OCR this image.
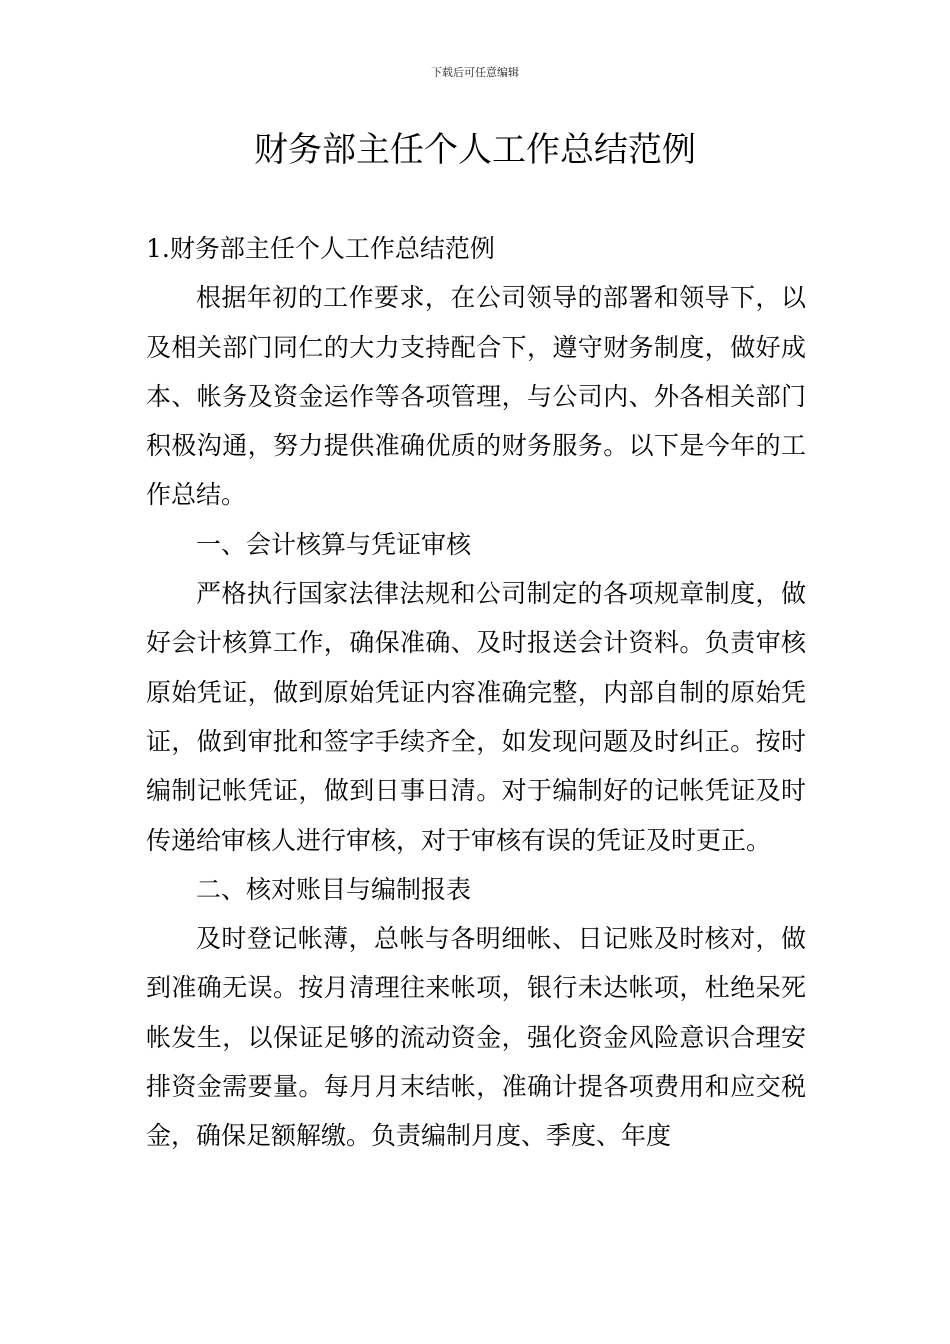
下载后可任意编辑
财务部主任个人工作总结范例

1.财务部主任个人工作总结范例

根据年初的工作要求，在公司领导的部署和领导下，以及相关部门同仁的大力支持配合下，遵守财务制度，做好成本、帐务及资金运作等各项管理，与公司内、外各相关部门积极沟通，努力提供准确优质的财务服务。以下是今年的工作总结。

一、会计核算与凭证审核

严格执行国家法律法规和公司制定的各项规章制度，做好会计核算工作，确保准确、及时报送会计资料。负责审核原始凭证，做到原始凭证内容准确完整，内部自制的原始凭证，做到审批和签字手续齐全，如发现问题及时纠正。按时编制记帐凭证，做到日事日清。对于编制好的记帐凭证及时传递给审核人进行审核，对于审核有误的凭证及时更正。

二、核对账目与编制报表

及时登记帐薄，总帐与各明细帐、日记账及时核对，做到准确无误。按月清理往来帐项，银行未达帐项，杜绝呆死帐发生，以保证足够的流动资金，强化资金风险意识合理安排资金需要量。每月月末结帐，准确计提各项费用和应交税金，确保足额解缴。负责编制月度、季度、年度
